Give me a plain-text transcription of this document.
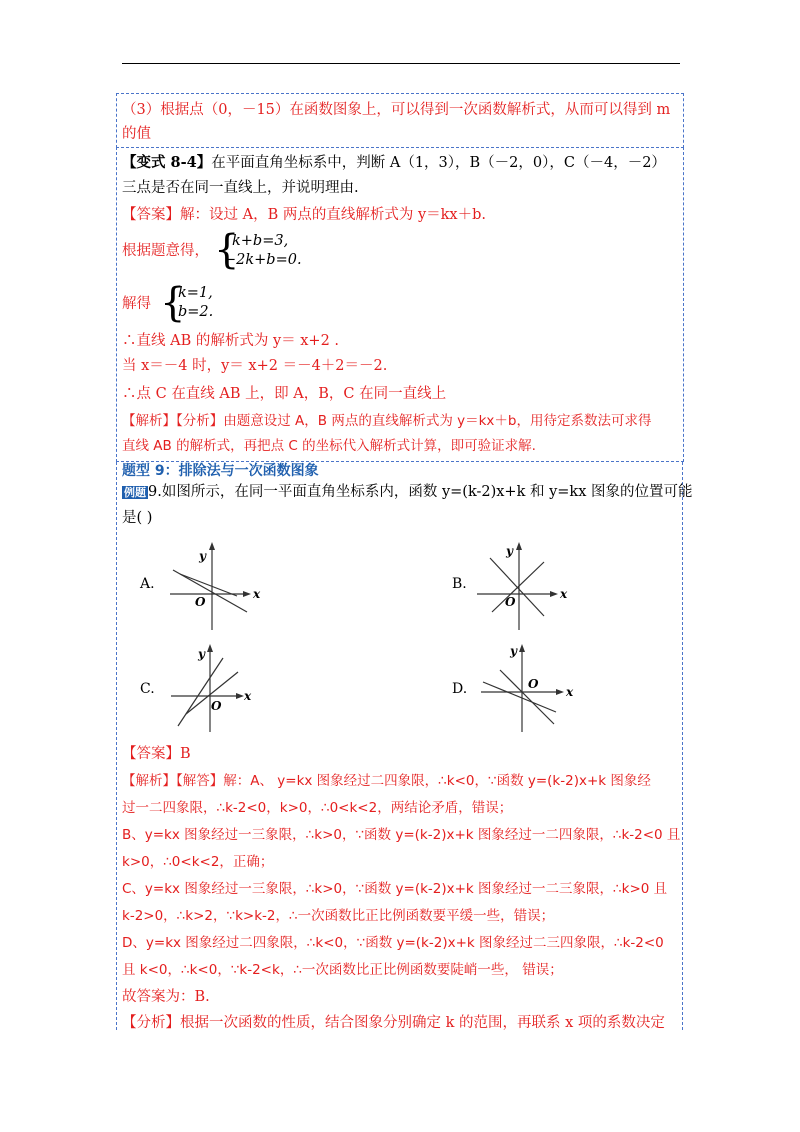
（3）根据点（0，－15）在函数图象上，可以得到一次函数解析式，从而可以得到 m
的值
【变式 8-4】在平面直角坐标系中，判断 A（1，3），B（－2，0），C（－4，－2）
三点是否在同一直线上，并说明理由.
【答案】解：设过 A，B 两点的直线解析式为 y＝kx＋b.
根据题意得， {
k+b=3,
−2k+b=0.
解得 {
k=1,
b=2.
∴直线 AB 的解析式为 y＝ x+2 .
当 x＝－4 时，y＝ x+2 ＝－4＋2＝－2.
∴点 C 在直线 AB 上，即 A，B，C 在同一直线上
【解析】【分析】由题意设过 A，B 两点的直线解析式为 y＝kx＋b，用待定系数法可求得
直线 AB 的解析式，再把点 C 的坐标代入解析式计算，即可验证求解.
题型 9：排除法与一次函数图象
例题 9.如图所示，在同一平面直角坐标系内，函数 y=(k-2)x+k 和 y=kx 图象的位置可能
是( )
A.	B.
C.	D.
y
x
O
y
x
O
y
x
O
y
x
O
【答案】B
【解析】【解答】解：A、 y=kx 图象经过二四象限，∴k<0，∵函数 y=(k-2)x+k 图象经
过一二四象限，∴k-2<0，k>0，∴0<k<2，两结论矛盾，错误；
B、y=kx 图象经过一三象限，∴k>0，∵函数 y=(k-2)x+k 图象经过一二四象限，∴k-2<0 且
k>0，∴0<k<2，正确；
C、y=kx 图象经过一三象限，∴k>0，∵函数 y=(k-2)x+k 图象经过一二三象限，∴k>0 且
k-2>0，∴k>2，∵k>k-2，∴一次函数比正比例函数要平缓一些，错误；
D、y=kx 图象经过二四象限，∴k<0，∵函数 y=(k-2)x+k 图象经过二三四象限，∴k-2<0
且 k<0，∴k<0，∵k-2<k，∴一次函数比正比例函数要陡峭一些， 错误；
故答案为：B.
【分析】根据一次函数的性质，结合图象分别确定 k 的范围，再联系 x 项的系数决定
